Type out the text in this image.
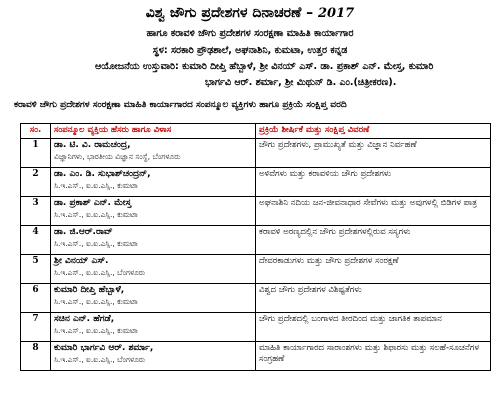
ವಿಶ್ವ ಜೌಗು ಪ್ರದೇಶಗಳ ದಿನಾಚರಣೆ – 2017
ಹಾಗೂ ಕರಾವಳಿ ಜೌಗು ಪ್ರದೇಶಗಳ ಸಂರಕ್ಷಣಾ ಮಾಹಿತಿ ಕಾರ್ಯಾಗಾರ
ಸ್ಥಳ: ಸರಕಾರಿ ಪ್ರೌಢಶಾಲೆ, ಅಘನಾಶಿನಿ, ಕುಮಟಾ, ಉತ್ತರ ಕನ್ನಡ
ಆಯೋಜನೆಯ ಉಸ್ತುವಾರಿ: ಕುಮಾರಿ ದೀಪ್ತಿ ಹೆಬ್ಬಾಳೆ, ಶ್ರೀ ವಿನಯ್ ಎಸ್. ಡಾ. ಪ್ರಕಾಶ್ ಎನ್. ಮೇಸ್ತ, ಕುಮಾರಿ
ಭಾರ್ಗವಿ ಆರ್. ಶರ್ಮಾ, ಶ್ರೀ ಮಿಥುನ್ ಡಿ. ಎಂ.(ಚಿತ್ರೀಕರಣ).
ಕರಾವಳಿ ಜೌಗು ಪ್ರದೇಶಗಳ ಸಂರಕ್ಷಣಾ ಮಾಹಿತಿ ಕಾರ್ಯಾಗಾರದ ಸಂಪನ್ಮೂಲ ವ್ಯಕ್ತಿಗಳು ಹಾಗೂ ಪ್ರಕ್ರಿಯೆ ಸಂಕ್ಷಿಪ್ತ ವರದಿ
ಸಂ.	ಸಂಪನ್ಮೂಲ ವ್ಯಕ್ತಿಯ ಹೆಸರು ಹಾಗೂ ವಿಳಾಸ	ಪ್ರಕ್ರಿಯೆ ಶೀರ್ಷಿಕೆ ಮತ್ತು ಸಂಕ್ಷಿಪ್ತ ವಿವರಣೆ
1	ಡಾ. ಟಿ. ವಿ. ರಾಮಚಂದ್ರ,
ವಿಜ್ಞಾನಿಗಳು, ಭಾರತೀಯ ವಿಜ್ಞಾನ ಸಂಸ್ಥೆ, ಬೆಂಗಳೂರು	ಜೌಗು ಪ್ರದೇಶಗಳು, ಪ್ರಾಮುಖ್ಯತೆ ಮತ್ತು ವಿಜ್ಞಾನ ನಿರ್ವಹಣೆ
2	ಡಾ. ಎಂ. ಡಿ. ಸುಭಾಶ್‌ಚಂದ್ರನ್,
ಸಿ.ಇ.ಎಸ್., ಐ.ಐ.ಎಸ್ಸಿ., ಕುಮಟಾ	ಅಳಿವೆಗಳು ಮತ್ತು ಕರಾವಳಿಯ ಜೌಗು ಪ್ರದೇಶಗಳು
3	ಡಾ. ಪ್ರಕಾಶ್ ಎನ್. ಮೇಸ್ತ
ಸಿ.ಇ.ಎಸ್., ಐ.ಐ.ಎಸ್ಸಿ., ಕುಮಟಾ	ಅಘನಾಶಿನಿ ನದಿಯ ಜನ-ಜೀವನಾಧಾರ ಸೇವೆಗಳು ಮತ್ತು ಅವುಗಳಲ್ಲಿ ಬಿಡಿಗಳ ಪಾತ್ರ
4	ಡಾ. ಜಿ.ಆರ್.ರಾವ್
ಸಿ.ಇ.ಎಸ್., ಐ.ಐ.ಎಸ್ಸಿ., ಕುಮಟಾ	ಕರಾವಳಿ ಅರಣ್ಯದಲ್ಲಿನ ಜೌಗು ಪ್ರದೇಶಗಳಲ್ಲಿರುವ ಸಸ್ಯಗಳು
5	ಶ್ರೀ ವಿನಯ್ ಎಸ್.
ಸಿ.ಇ.ಎಸ್., ಐ.ಐ.ಎಸ್ಸಿ., ಬೆಂಗಳೂರು	ದೇವರಕಾಡುಗಳು ಮತ್ತು ಜೌಗು ಪ್ರದೇಶಗಳ ಸಂರಕ್ಷಣೆ
6	ಕುಮಾರಿ ದೀಪ್ತಿ ಹೆಬ್ಬಾಳೆ,
ಸಿ.ಇ.ಎಸ್., ಐ.ಐ.ಎಸ್ಸಿ., ಕುಮಟಾ	ವಿಶ್ವದ ಜೌಗು ಪ್ರದೇಶಗಳ ವಿಶಿಷ್ಟತೆಗಳು
7	ಸಚಿನ ಎನ್. ಹೆಗಡೆ,
ಸಿ.ಇ.ಎಸ್., ಐ.ಐ.ಎಸ್ಸಿ., ಕುಮಟಾ	ಜೌಗು ಪ್ರದೇಶದಲ್ಲಿ ಬಂಗಾಳದ ತೀರದಿಂದ ಮತ್ತು ಜಾಗತಿಕ ತಾಪಮಾನ
8	ಕುಮಾರಿ ಭಾರ್ಗವಿ ಆರ್. ಶರ್ಮಾ,
ಸಿ.ಇ.ಎಸ್., ಐ.ಐ.ಎಸ್ಸಿ., ಬೆಂಗಳೂರು	ಮಾಹಿತಿ ಕಾರ್ಯಾಗಾರದ ಸಾರಾಂಶಗಳು ಮತ್ತು ಶಿಫಾರಸು ಮತ್ತು ಸಲಹೆ-ಸೂಚನೆಗಳ ಸಂಗ್ರಹಣೆ
